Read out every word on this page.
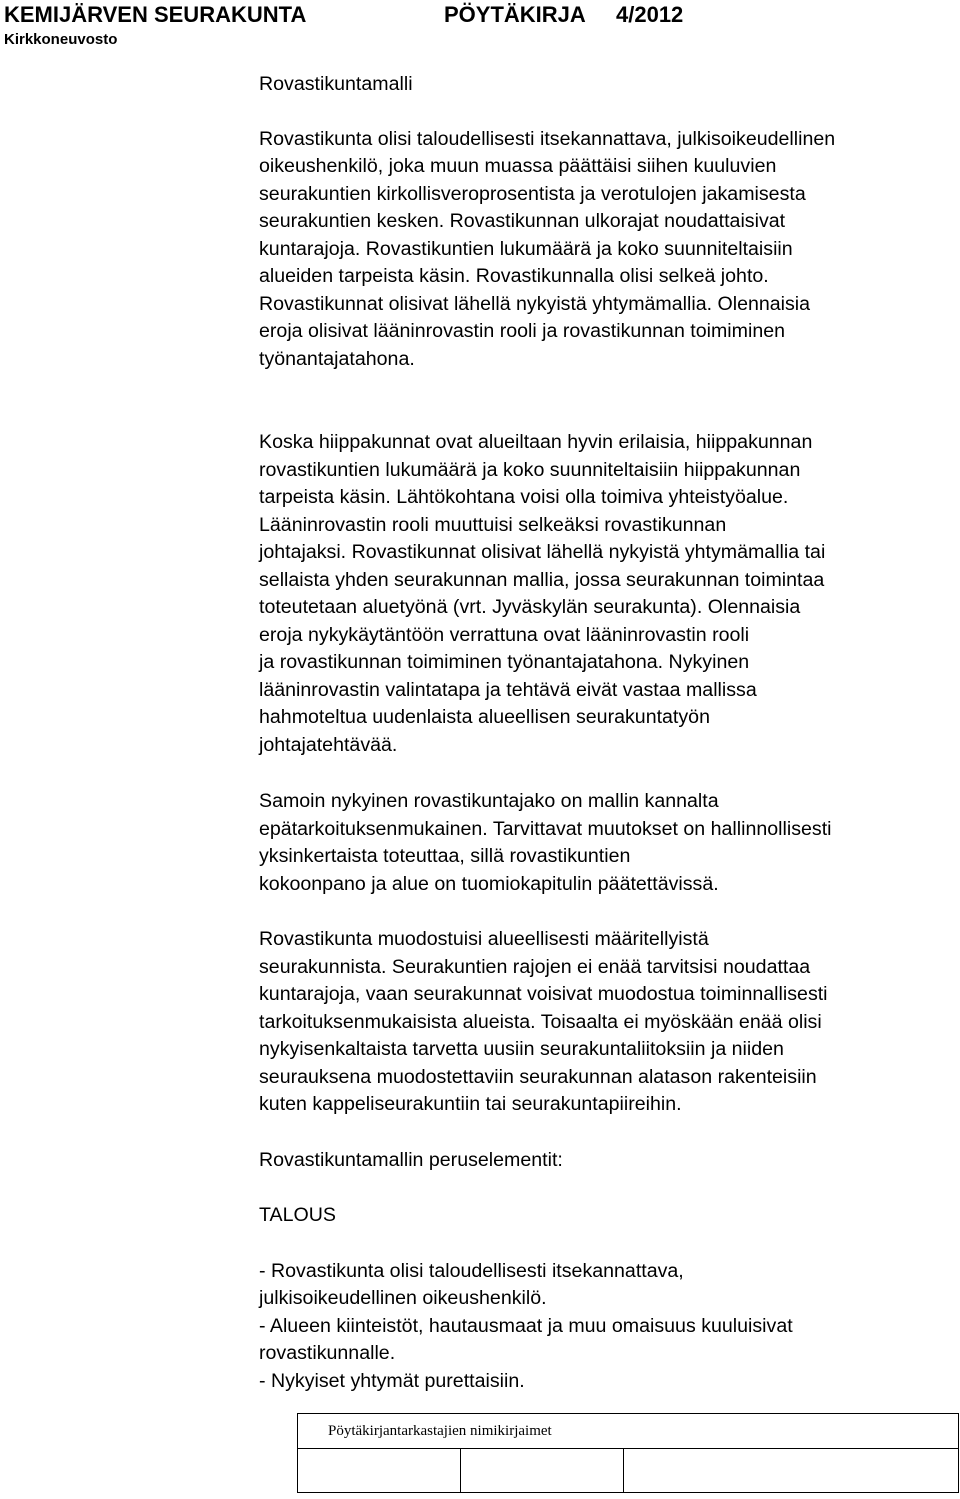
KEMIJÄRVEN SEURAKUNTA	PÖYTÄKIRJA 4/2012
Kirkkoneuvosto

Rovastikuntamalli

Rovastikunta olisi taloudellisesti itsekannattava, julkisoikeudellinen
oikeushenkilö, joka muun muassa päättäisi siihen kuuluvien
seurakuntien kirkollisveroprosentista ja verotulojen jakamisesta
seurakuntien kesken. Rovastikunnan ulkorajat noudattaisivat
kuntarajoja. Rovastikuntien lukumäärä ja koko suunniteltaisiin
alueiden tarpeista käsin. Rovastikunnalla olisi selkeä johto.
Rovastikunnat olisivat lähellä nykyistä yhtymämallia. Olennaisia
eroja olisivat lääninrovastin rooli ja rovastikunnan toimiminen
työnantajatahona.

Koska hiippakunnat ovat alueiltaan hyvin erilaisia, hiippakunnan
rovastikuntien lukumäärä ja koko suunniteltaisiin hiippakunnan
tarpeista käsin. Lähtökohtana voisi olla toimiva yhteistyöalue.
Lääninrovastin rooli muuttuisi selkeäksi rovastikunnan
johtajaksi. Rovastikunnat olisivat lähellä nykyistä yhtymämallia tai
sellaista yhden seurakunnan mallia, jossa seurakunnan toimintaa
toteutetaan aluetyönä (vrt. Jyväskylän seurakunta). Olennaisia
eroja nykykäytäntöön verrattuna ovat lääninrovastin rooli
ja rovastikunnan toimiminen työnantajatahona. Nykyinen
lääninrovastin valintatapa ja tehtävä eivät vastaa mallissa
hahmoteltua uudenlaista alueellisen seurakuntatyön
johtajatehtävää.

Samoin nykyinen rovastikuntajako on mallin kannalta
epätarkoituksenmukainen. Tarvittavat muutokset on hallinnollisesti
yksinkertaista toteuttaa, sillä rovastikuntien
kokoonpano ja alue on tuomiokapitulin päätettävissä.

Rovastikunta muodostuisi alueellisesti määritellyistä
seurakunnista. Seurakuntien rajojen ei enää tarvitsisi noudattaa
kuntarajoja, vaan seurakunnat voisivat muodostua toiminnallisesti
tarkoituksenmukaisista alueista. Toisaalta ei myöskään enää olisi
nykyisenkaltaista tarvetta uusiin seurakuntaliitoksiin ja niiden
seurauksena muodostettaviin seurakunnan alatason rakenteisiin
kuten kappeliseurakuntiin tai seurakuntapiireihin.

Rovastikuntamallin peruselementit:

TALOUS

- Rovastikunta olisi taloudellisesti itsekannattava,
julkisoikeudellinen oikeushenkilö.
- Alueen kiinteistöt, hautausmaat ja muu omaisuus kuuluisivat
rovastikunnalle.
- Nykyiset yhtymät purettaisiin.

Pöytäkirjantarkastajien nimikirjaimet
